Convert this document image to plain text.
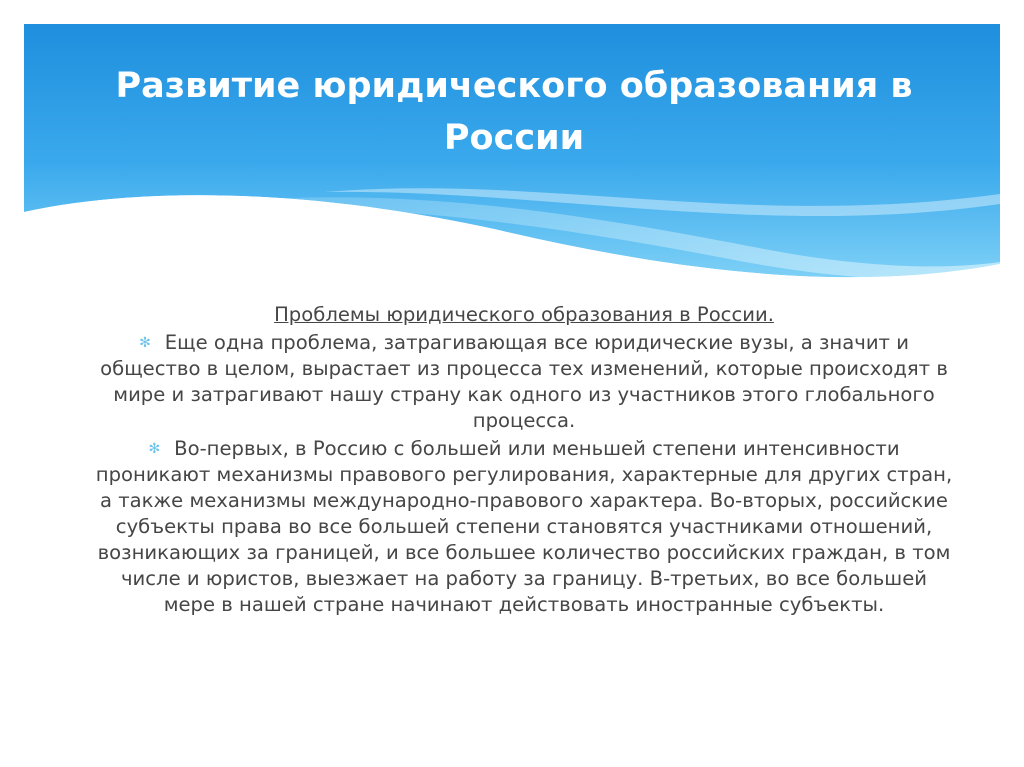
Развитие юридического образования в России
Проблемы юридического образования в России.
✻ Еще одна проблема, затрагивающая все юридические вузы, а значит и общество в целом, вырастает из процесса тех изменений, которые происходят в мире и затрагивают нашу страну как одного из участников этого глобального процесса.
✻ Во-первых, в Россию с большей или меньшей степени интенсивности проникают механизмы правового регулирования, характерные для других стран, а также механизмы международно-правового характера. Во-вторых, российские субъекты права во все большей степени становятся участниками отношений, возникающих за границей, и все большее количество российских граждан, в том числе и юристов, выезжает на работу за границу. В-третьих, во все большей мере в нашей стране начинают действовать иностранные субъекты.
